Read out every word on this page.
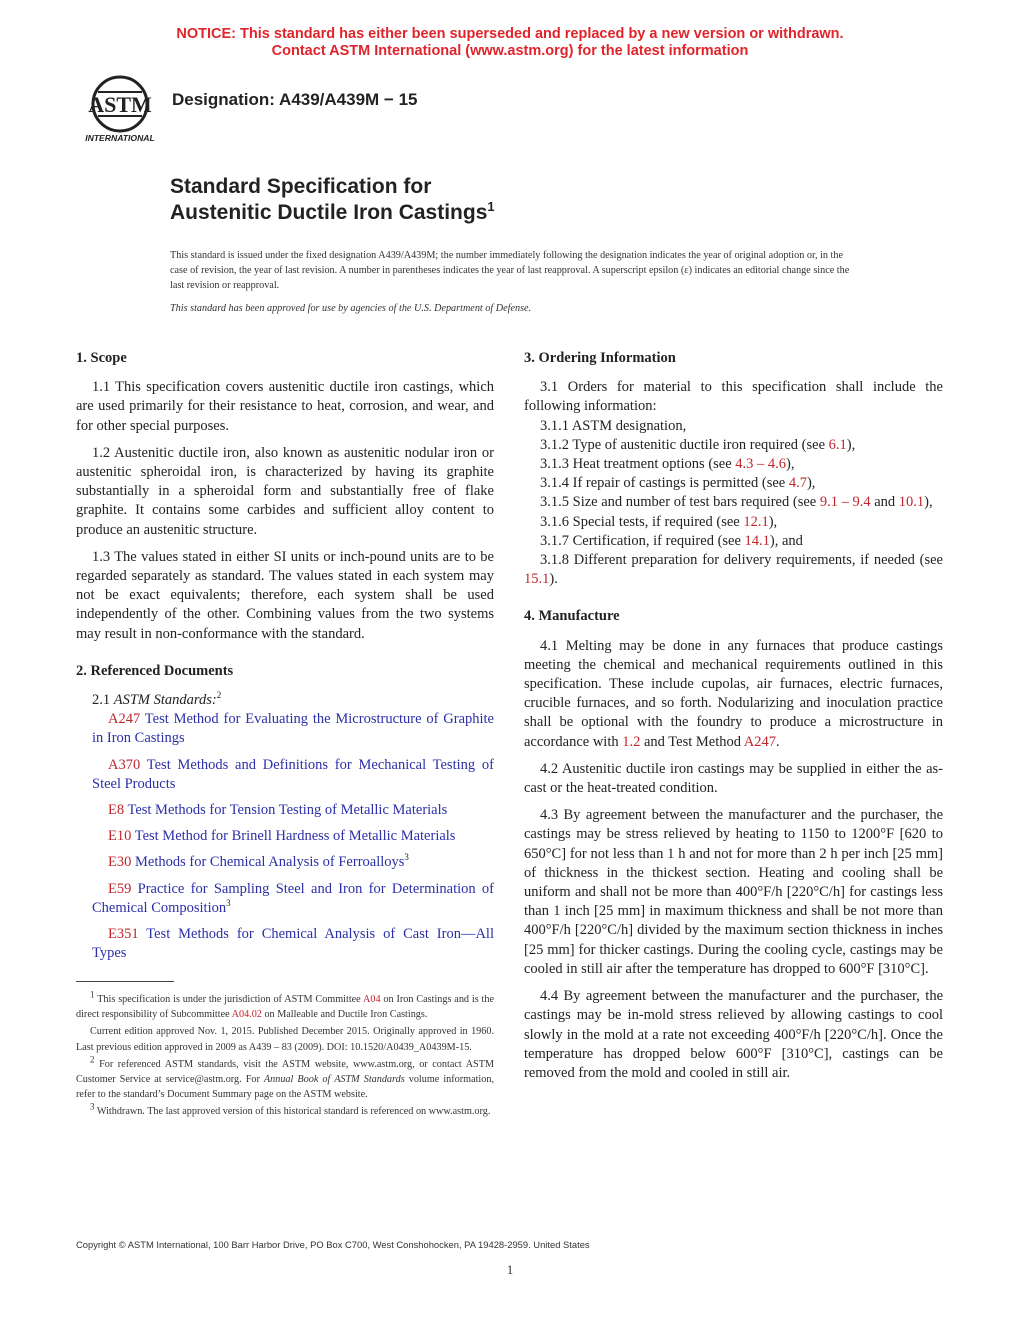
NOTICE: This standard has either been superseded and replaced by a new version or withdrawn.
Contact ASTM International (www.astm.org) for the latest information
ASTM
INTERNATIONAL
Designation: A439/A439M − 15
Standard Specification for
Austenitic Ductile Iron Castings$^1$
This standard is issued under the fixed designation A439/A439M; the number immediately following the designation indicates the year of original adoption or, in the case of revision, the year of last revision. A number in parentheses indicates the year of last reapproval. A superscript epsilon (ε) indicates an editorial change since the last revision or reapproval.
This standard has been approved for use by agencies of the U.S. Department of Defense.
1. Scope

1.1 This specification covers austenitic ductile iron castings, which are used primarily for their resistance to heat, corrosion, and wear, and for other special purposes.

1.2 Austenitic ductile iron, also known as austenitic nodular iron or austenitic spheroidal iron, is characterized by having its graphite substantially in a spheroidal form and substantially free of flake graphite. It contains some carbides and sufficient alloy content to produce an austenitic structure.

1.3 The values stated in either SI units or inch-pound units are to be regarded separately as standard. The values stated in each system may not be exact equivalents; therefore, each system shall be used independently of the other. Combining values from the two systems may result in non-conformance with the standard.

2. Referenced Documents

2.1 ASTM Standards:$^2$

A247 Test Method for Evaluating the Microstructure of Graphite in Iron Castings

A370 Test Methods and Definitions for Mechanical Testing of Steel Products

E8 Test Methods for Tension Testing of Metallic Materials

E10 Test Method for Brinell Hardness of Metallic Materials

E30 Methods for Chemical Analysis of Ferroalloys$^3$

E59 Practice for Sampling Steel and Iron for Determination of Chemical Composition$^3$

E351 Test Methods for Chemical Analysis of Cast Iron—All Types

$^1$ This specification is under the jurisdiction of ASTM Committee A04 on Iron Castings and is the direct responsibility of Subcommittee A04.02 on Malleable and Ductile Iron Castings.

Current edition approved Nov. 1, 2015. Published December 2015. Originally approved in 1960. Last previous edition approved in 2009 as A439 – 83 (2009). DOI: 10.1520/A0439_A0439M-15.

$^2$ For referenced ASTM standards, visit the ASTM website, www.astm.org, or contact ASTM Customer Service at service@astm.org. For Annual Book of ASTM Standards volume information, refer to the standard’s Document Summary page on the ASTM website.

$^3$ Withdrawn. The last approved version of this historical standard is referenced on www.astm.org.

3. Ordering Information

3.1 Orders for material to this specification shall include the following information:

3.1.1 ASTM designation,

3.1.2 Type of austenitic ductile iron required (see 6.1),

3.1.3 Heat treatment options (see 4.3 – 4.6),

3.1.4 If repair of castings is permitted (see 4.7),

3.1.5 Size and number of test bars required (see 9.1 – 9.4 and 10.1),

3.1.6 Special tests, if required (see 12.1),

3.1.7 Certification, if required (see 14.1), and

3.1.8 Different preparation for delivery requirements, if needed (see 15.1).

4. Manufacture

4.1 Melting may be done in any furnaces that produce castings meeting the chemical and mechanical requirements outlined in this specification. These include cupolas, air furnaces, electric furnaces, crucible furnaces, and so forth. Nodularizing and inoculation practice shall be optional with the foundry to produce a microstructure in accordance with 1.2 and Test Method A247.

4.2 Austenitic ductile iron castings may be supplied in either the as-cast or the heat-treated condition.

4.3 By agreement between the manufacturer and the purchaser, the castings may be stress relieved by heating to 1150 to 1200°F [620 to 650°C] for not less than 1 h and not for more than 2 h per inch [25 mm] of thickness in the thickest section. Heating and cooling shall be uniform and shall not be more than 400°F/h [220°C/h] for castings less than 1 inch [25 mm] in maximum thickness and shall be not more than 400°F/h [220°C/h] divided by the maximum section thickness in inches [25 mm] for thicker castings. During the cooling cycle, castings may be cooled in still air after the temperature has dropped to 600°F [310°C].

4.4 By agreement between the manufacturer and the purchaser, the castings may be in-mold stress relieved by allowing castings to cool slowly in the mold at a rate not exceeding 400°F/h [220°C/h]. Once the temperature has dropped below 600°F [310°C], castings can be removed from the mold and cooled in still air.

Copyright © ASTM International, 100 Barr Harbor Drive, PO Box C700, West Conshohocken, PA 19428-2959. United States
1
